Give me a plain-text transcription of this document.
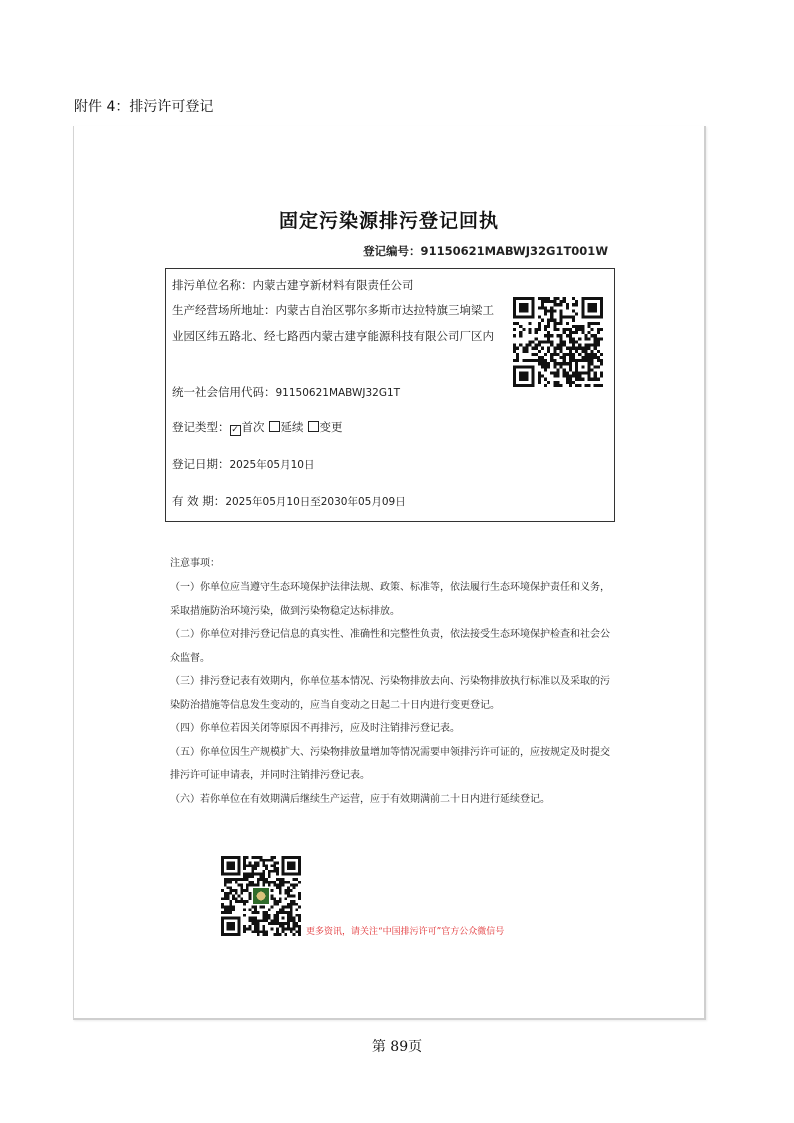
附件 4：排污许可登记
固定污染源排污登记回执
登记编号：91150621MABWJ32G1T001W
排污单位名称：内蒙古建亨新材料有限责任公司
生产经营场所地址：内蒙古自治区鄂尔多斯市达拉特旗三垧梁工业园区纬五路北、经七路西内蒙古建亨能源科技有限公司厂区内
统一社会信用代码：91150621MABWJ32G1T
登记类型： ✓ 首次 延续 变更
登记日期：2025年05月10日
有 效 期：2025年05月10日至2030年05月09日
注意事项：

（一）你单位应当遵守生态环境保护法律法规、政策、标准等，依法履行生态环境保护责任和义务，采取措施防治环境污染，做到污染物稳定达标排放。

（二）你单位对排污登记信息的真实性、准确性和完整性负责，依法接受生态环境保护检查和社会公众监督。

（三）排污登记表有效期内，你单位基本情况、污染物排放去向、污染物排放执行标准以及采取的污染防治措施等信息发生变动的，应当自变动之日起二十日内进行变更登记。

（四）你单位若因关闭等原因不再排污，应及时注销排污登记表。

（五）你单位因生产规模扩大、污染物排放量增加等情况需要申领排污许可证的，应按规定及时提交排污许可证申请表，并同时注销排污登记表。

（六）若你单位在有效期满后继续生产运营，应于有效期满前二十日内进行延续登记。

更多资讯，请关注“中国排污许可”官方公众微信号
第 89页
